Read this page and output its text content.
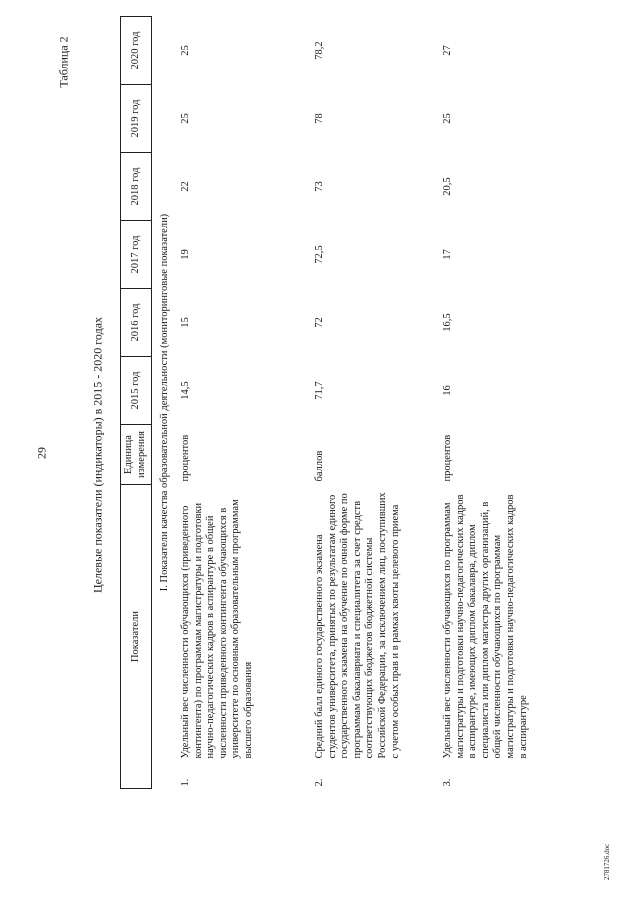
29
Таблица 2
Целевые показатели (индикаторы) в 2015 - 2020 годах
2781726.doc
Показатели		Единица измерения	2015 год	2016 год	2017 год	2018 год	2019 год	2020 год
I. Показатели качества образовательной деятельности (мониторинговые показатели)								
1.	Удельный вес численности обучающихся (приведенного контингента) по программам магистратуры и подготовки научно-педагогических кадров в аспирантуре в общей численности приведенного контингента обучающихся в университете по основным образовательным программам высшего образования	процентов	14,5	15	19	22	25	25
2.	Средний балл единого государственного экзамена студентов университета, принятых по результатам единого государственного экзамена на обучение по очной форме по программам бакалавриата и специалитета за счет средств соответствующих бюджетов бюджетной системы Российской Федерации, за исключением лиц, поступивших с учетом особых прав и в рамках квоты целевого приема	баллов	71,7	72	72,5	73	78	78,2
3.	Удельный вес численности обучающихся по программам магистратуры и подготовки научно-педагогических кадров в аспирантуре, имеющих диплом бакалавра, диплом специалиста или диплом магистра других организаций, в общей численности обучающихся по программам магистратуры и подготовки научно-педагогических кадров в аспирантуре	процентов	16	16,5	17	20,5	25	27
